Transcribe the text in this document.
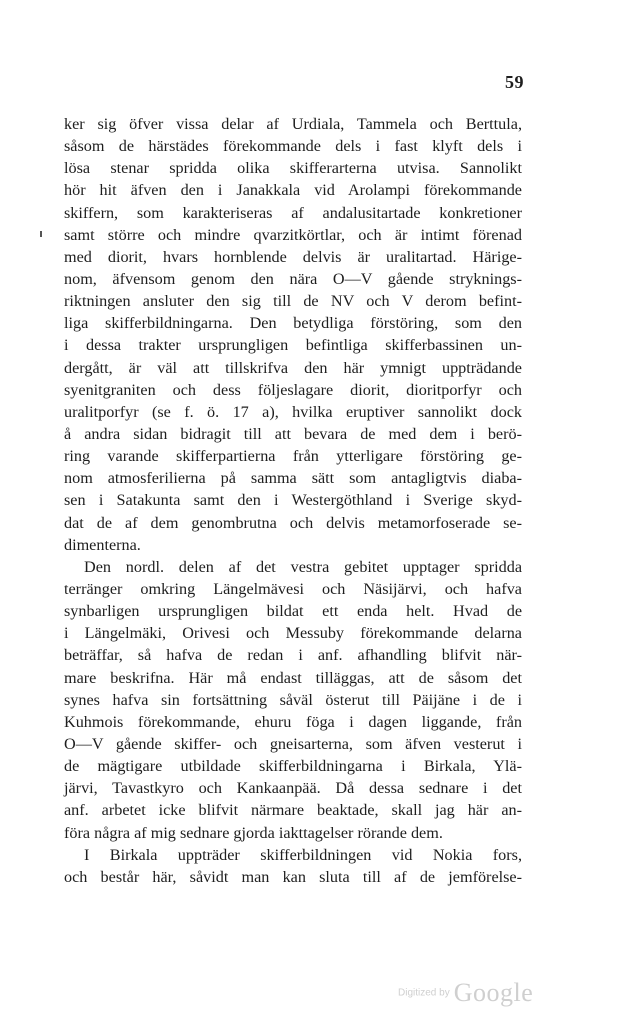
59
ker sig öfver vissa delar af Urdiala, Tammela och Berttula,
såsom de härstädes förekommande dels i fast klyft dels i
lösa stenar spridda olika skifferarterna utvisa. Sannolikt
hör hit äfven den i Janakkala vid Arolampi förekommande
skiffern, som karakteriseras af andalusitartade konkretioner
samt större och mindre qvarzitkörtlar, och är intimt förenad
med diorit, hvars hornblende delvis är uralitartad. Härige-
nom, äfvensom genom den nära O—V gående stryknings-
riktningen ansluter den sig till de NV och V derom befint-
liga skifferbildningarna. Den betydliga förstöring, som den
i dessa trakter ursprungligen befintliga skifferbassinen un-
dergått, är väl att tillskrifva den här ymnigt uppträdande
syenitgraniten och dess följeslagare diorit, dioritporfyr och
uralitporfyr (se f. ö. 17 a), hvilka eruptiver sannolikt dock
å andra sidan bidragit till att bevara de med dem i berö-
ring varande skifferpartierna från ytterligare förstöring ge-
nom atmosferilierna på samma sätt som antagligtvis diaba-
sen i Satakunta samt den i Westergöthland i Sverige skyd-
dat de af dem genombrutna och delvis metamorfoserade se-
dimenterna.
Den nordl. delen af det vestra gebitet upptager spridda
terränger omkring Längelmävesi och Näsijärvi, och hafva
synbarligen ursprungligen bildat ett enda helt. Hvad de
i Längelmäki, Orivesi och Messuby förekommande delarna
beträffar, så hafva de redan i anf. afhandling blifvit när-
mare beskrifna. Här må endast tilläggas, att de såsom det
synes hafva sin fortsättning såväl österut till Päijäne i de i
Kuhmois förekommande, ehuru föga i dagen liggande, från
O—V gående skiffer- och gneisarterna, som äfven vesterut i
de mägtigare utbildade skifferbildningarna i Birkala, Ylä-
järvi, Tavastkyro och Kankaanpää. Då dessa sednare i det
anf. arbetet icke blifvit närmare beaktade, skall jag här an-
föra några af mig sednare gjorda iakttagelser rörande dem.
I Birkala uppträder skifferbildningen vid Nokia fors,
och består här, såvidt man kan sluta till af de jemförelse-
Digitized by Google
